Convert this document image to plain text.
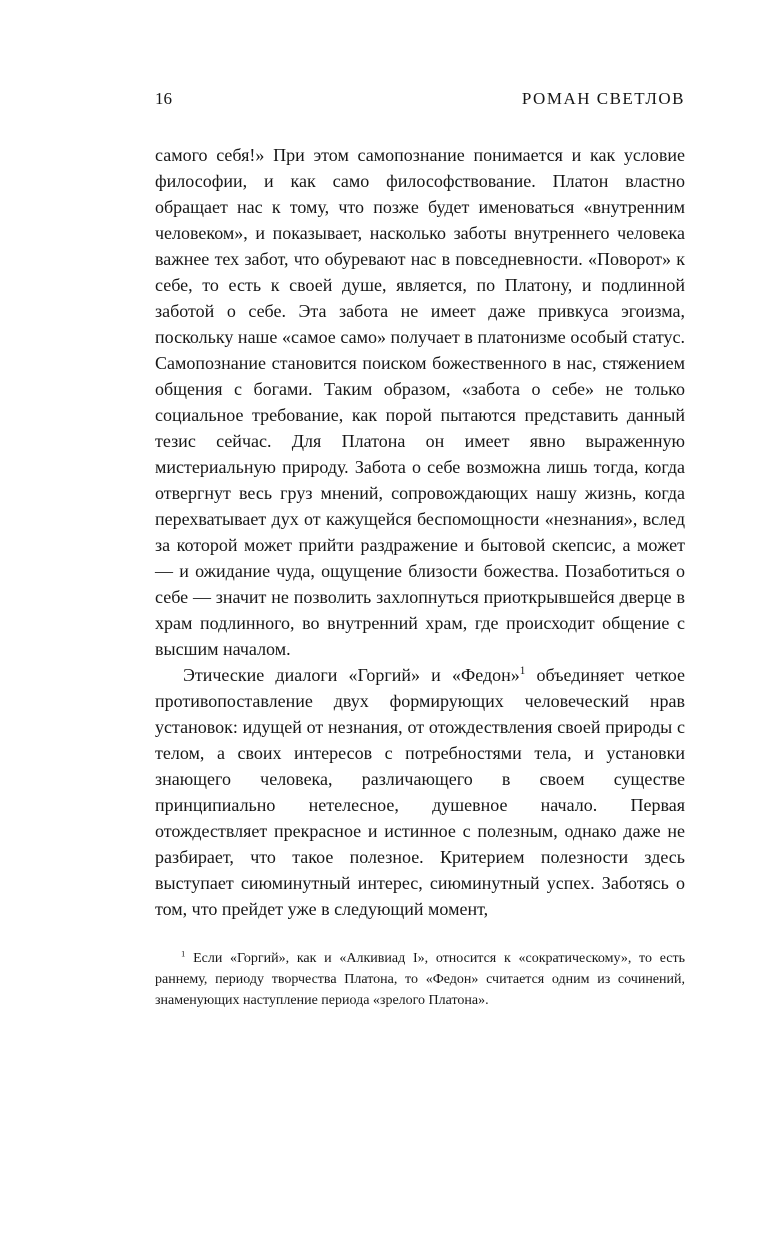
16	РОМАН СВЕТЛОВ

самого себя!» При этом самопознание понимается и как условие философии, и как само философствование. Платон властно обращает нас к тому, что позже будет именоваться «внутренним человеком», и показывает, насколько заботы внутреннего человека важнее тех забот, что обуревают нас в повседневности. «Поворот» к себе, то есть к своей душе, является, по Платону, и подлинной заботой о себе. Эта забота не имеет даже привкуса эгоизма, поскольку наше «самое само» получает в платонизме особый статус. Самопознание становится поиском божественного в нас, стяжением общения с богами. Таким образом, «забота о себе» не только социальное требование, как порой пытаются представить данный тезис сейчас. Для Платона он имеет явно выраженную мистериальную природу. Забота о себе возможна лишь тогда, когда отвергнут весь груз мнений, сопровождающих нашу жизнь, когда перехватывает дух от кажущейся беспомощности «незнания», вслед за которой может прийти раздражение и бытовой скепсис, а может — и ожидание чуда, ощущение близости божества. Позаботиться о себе — значит не позволить захлопнуться приоткрывшейся дверце в храм подлинного, во внутренний храм, где происходит общение с высшим началом.

Этические диалоги «Горгий» и «Федон»$^1$ объединяет четкое противопоставление двух формирующих человеческий нрав установок: идущей от незнания, от отождествления своей природы с телом, а своих интересов с потребностями тела, и установки знающего человека, различающего в своем существе принципиально нетелесное, душевное начало. Первая отождествляет прекрасное и истинное с полезным, однако даже не разбирает, что такое полезное. Критерием полезности здесь выступает сиюминутный интерес, сиюминутный успех. Заботясь о том, что прейдет уже в следующий момент,

$^1$ Если «Горгий», как и «Алкивиад I», относится к «сократическому», то есть раннему, периоду творчества Платона, то «Федон» считается одним из сочинений, знаменующих наступление периода «зрелого Платона».
